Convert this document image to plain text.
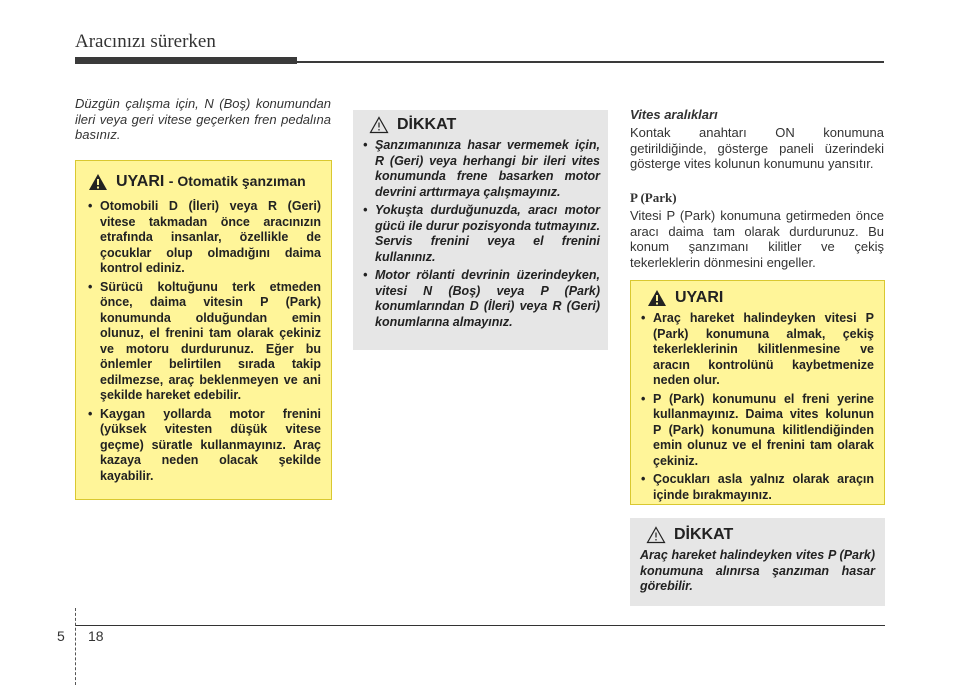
Aracınızı sürerken
Düzgün çalışma için, N (Boş) konumundan ileri veya geri vitese geçerken fren pedalına basınız.
UYARI - Otomatik şanzıman
• Otomobili D (İleri) veya R (Geri) vitese takmadan önce aracınızın etrafında insanlar, özellikle de çocuklar olup olmadığını daima kontrol ediniz.
• Sürücü koltuğunu terk etmeden önce, daima vitesin P (Park) konumunda olduğundan emin olunuz, el frenini tam olarak çekiniz ve motoru durdurunuz. Eğer bu önlemler belirtilen sırada takip edilmezse, araç beklenmeyen ve ani şekilde hareket edebilir.
• Kaygan yollarda motor frenini (yüksek vitesten düşük vitese geçme) süratle kullanmayınız. Araç kazaya neden olacak şekilde kayabilir.
DİKKAT
• Şanzımanınıza hasar vermemek için, R (Geri) veya herhangi bir ileri vites konumunda frene basarken motor devrini arttırmaya çalışmayınız.
• Yokuşta durduğunuzda, aracı motor gücü ile durur pozisyonda tutmayınız. Servis frenini veya el frenini kullanınız.
• Motor rölanti devrinin üzerindeyken, vitesi N (Boş) veya P (Park) konumlarından D (İleri) veya R (Geri) konumlarına almayınız.
Vites aralıkları
Kontak anahtarı ON konumuna getirildiğinde, gösterge paneli üzerindeki gösterge vites kolunun konumunu yansıtır.
P (Park)
Vitesi P (Park) konumuna getirmeden önce aracı daima tam olarak durdurunuz. Bu konum şanzımanı kilitler ve çekiş tekerleklerin dönmesini engeller.
UYARI
• Araç hareket halindeyken vitesi P (Park) konumuna almak, çekiş tekerleklerinin kilitlenmesine ve aracın kontrolünü kaybetmenize neden olur.
• P (Park) konumunu el freni yerine kullanmayınız. Daima vites kolunun P (Park) konumuna kilitlendiğinden emin olunuz ve el frenini tam olarak çekiniz.
• Çocukları asla yalnız olarak araçın içinde bırakmayınız.
DİKKAT
Araç hareket halindeyken vites P (Park) konumuna alınırsa şanzıman hasar görebilir.
5 18
